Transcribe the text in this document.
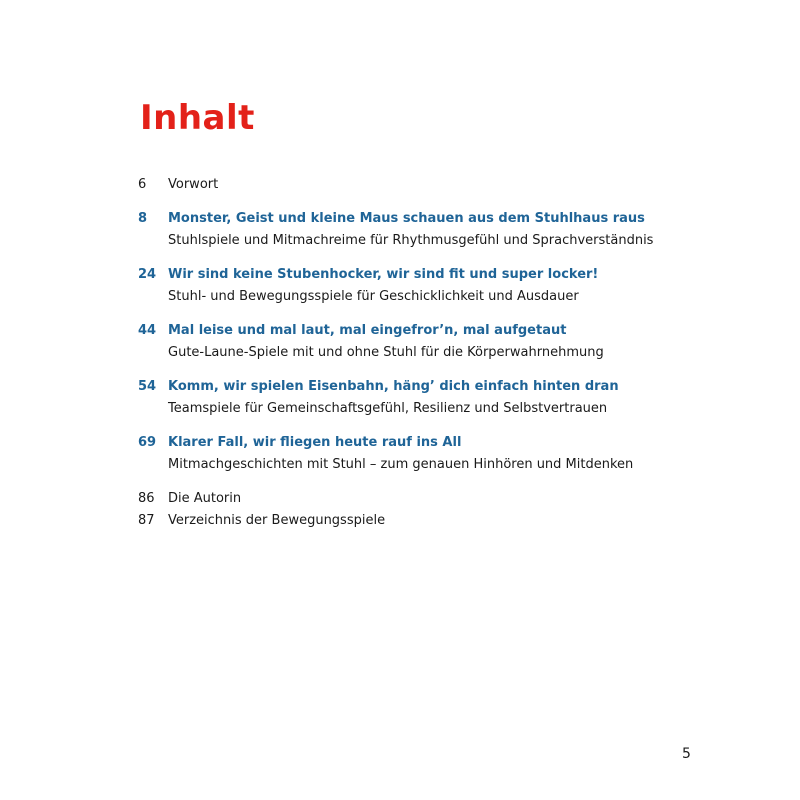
Inhalt
6 Vorwort
8 Monster, Geist und kleine Maus schauen aus dem Stuhlhaus raus
Stuhlspiele und Mitmachreime für Rhythmusgefühl und Sprachverständnis
24 Wir sind keine Stubenhocker, wir sind fit und super locker!
Stuhl- und Bewegungsspiele für Geschicklichkeit und Ausdauer
44 Mal leise und mal laut, mal eingefror’n, mal aufgetaut
Gute-Laune-Spiele mit und ohne Stuhl für die Körperwahrnehmung
54 Komm, wir spielen Eisenbahn, häng’ dich einfach hinten dran
Teamspiele für Gemeinschaftsgefühl, Resilienz und Selbstvertrauen
69 Klarer Fall, wir fliegen heute rauf ins All
Mitmachgeschichten mit Stuhl – zum genauen Hinhören und Mitdenken
86 Die Autorin
87 Verzeichnis der Bewegungsspiele
5
